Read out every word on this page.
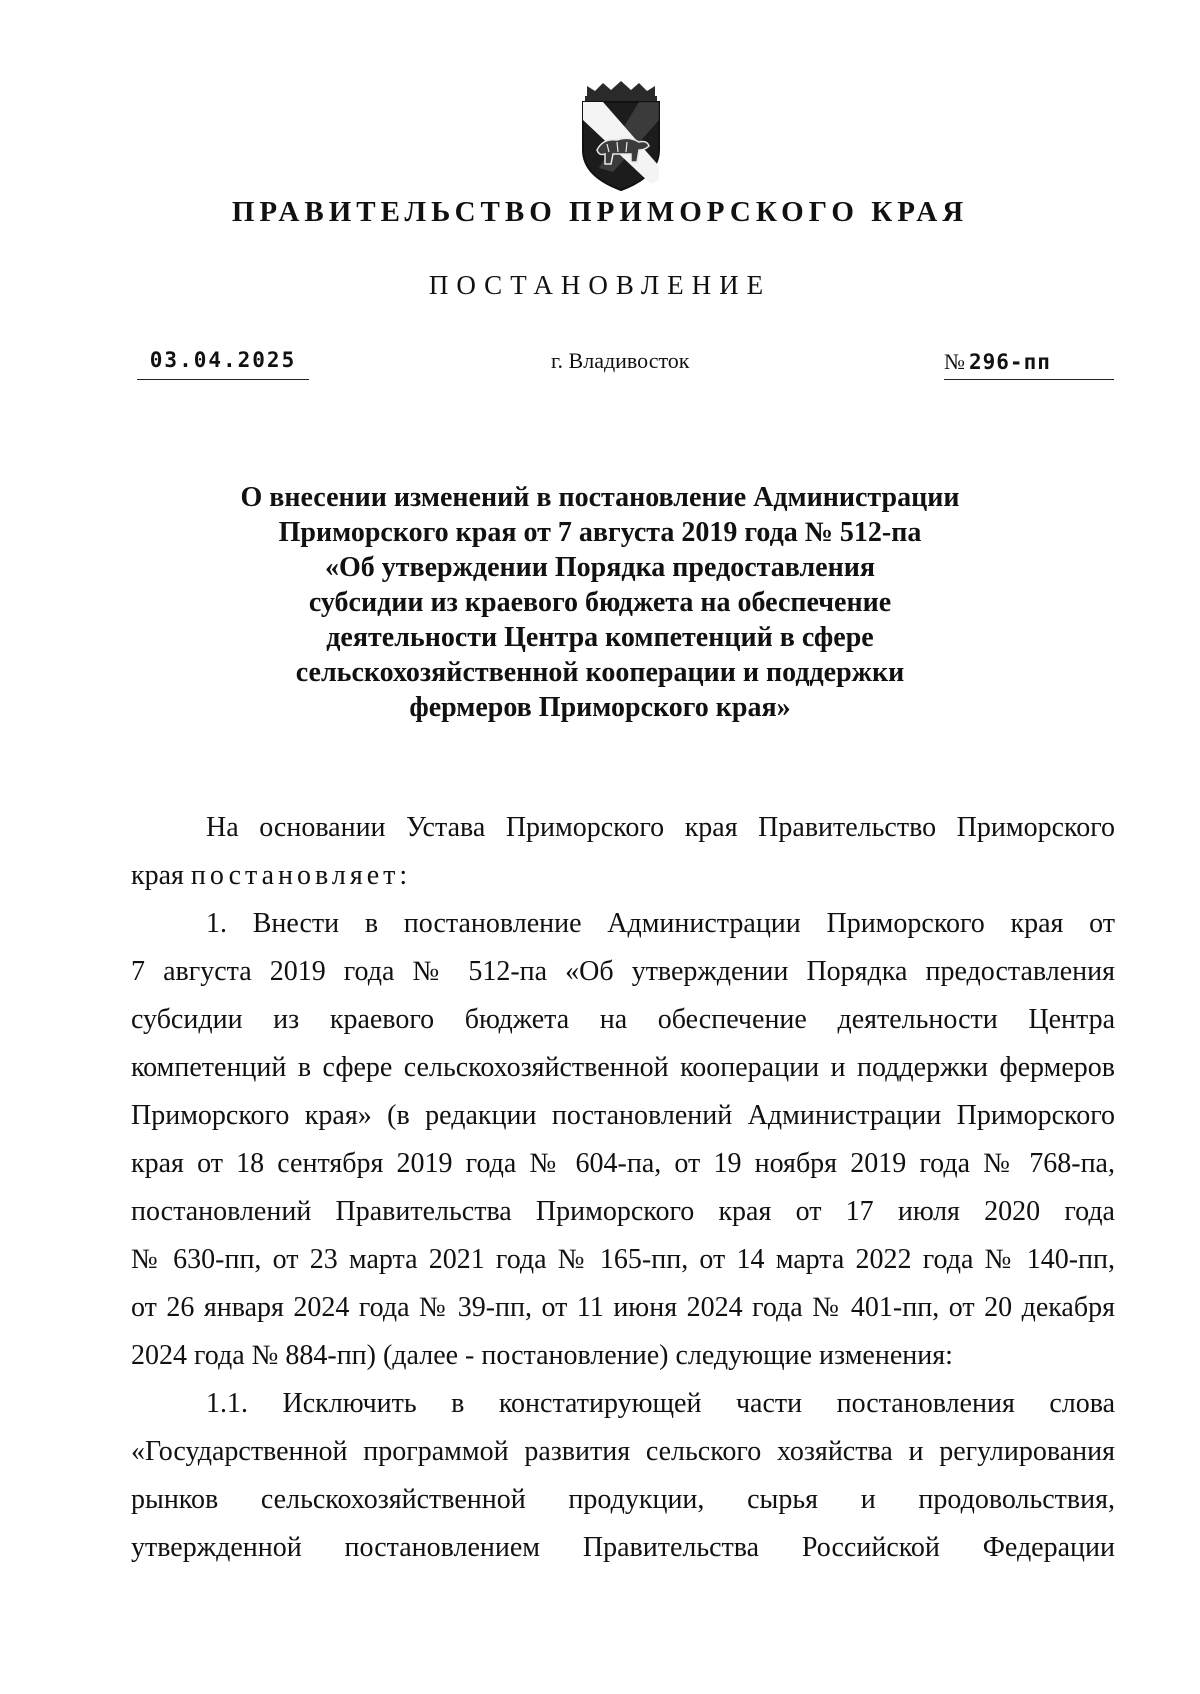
ПРАВИТЕЛЬСТВО ПРИМОРСКОГО КРАЯ
ПОСТАНОВЛЕНИЕ
03.04.2025	г. Владивосток	№ 296-пп
О внесении изменений в постановление Администрации
Приморского края от 7 августа 2019 года № 512-па
«Об утверждении Порядка предоставления
субсидии из краевого бюджета на обеспечение
деятельности Центра компетенций в сфере
сельскохозяйственной кооперации и поддержки
фермеров Приморского края»
На основании Устава Приморского края Правительство Приморского
края постановляет:
1. Внести в постановление Администрации Приморского края от
7 августа 2019 года № 512-па «Об утверждении Порядка предоставления
субсидии из краевого бюджета на обеспечение деятельности Центра
компетенций в сфере сельскохозяйственной кооперации и поддержки фермеров
Приморского края» (в редакции постановлений Администрации Приморского
края от 18 сентября 2019 года № 604-па, от 19 ноября 2019 года № 768-па,
постановлений Правительства Приморского края от 17 июля 2020 года
№ 630-пп, от 23 марта 2021 года № 165-пп, от 14 марта 2022 года № 140-пп,
от 26 января 2024 года № 39-пп, от 11 июня 2024 года № 401-пп, от 20 декабря
2024 года № 884-пп) (далее - постановление) следующие изменения:
1.1. Исключить в констатирующей части постановления слова
«Государственной программой развития сельского хозяйства и регулирования
рынков сельскохозяйственной продукции, сырья и продовольствия,
утвержденной постановлением Правительства Российской Федерации
